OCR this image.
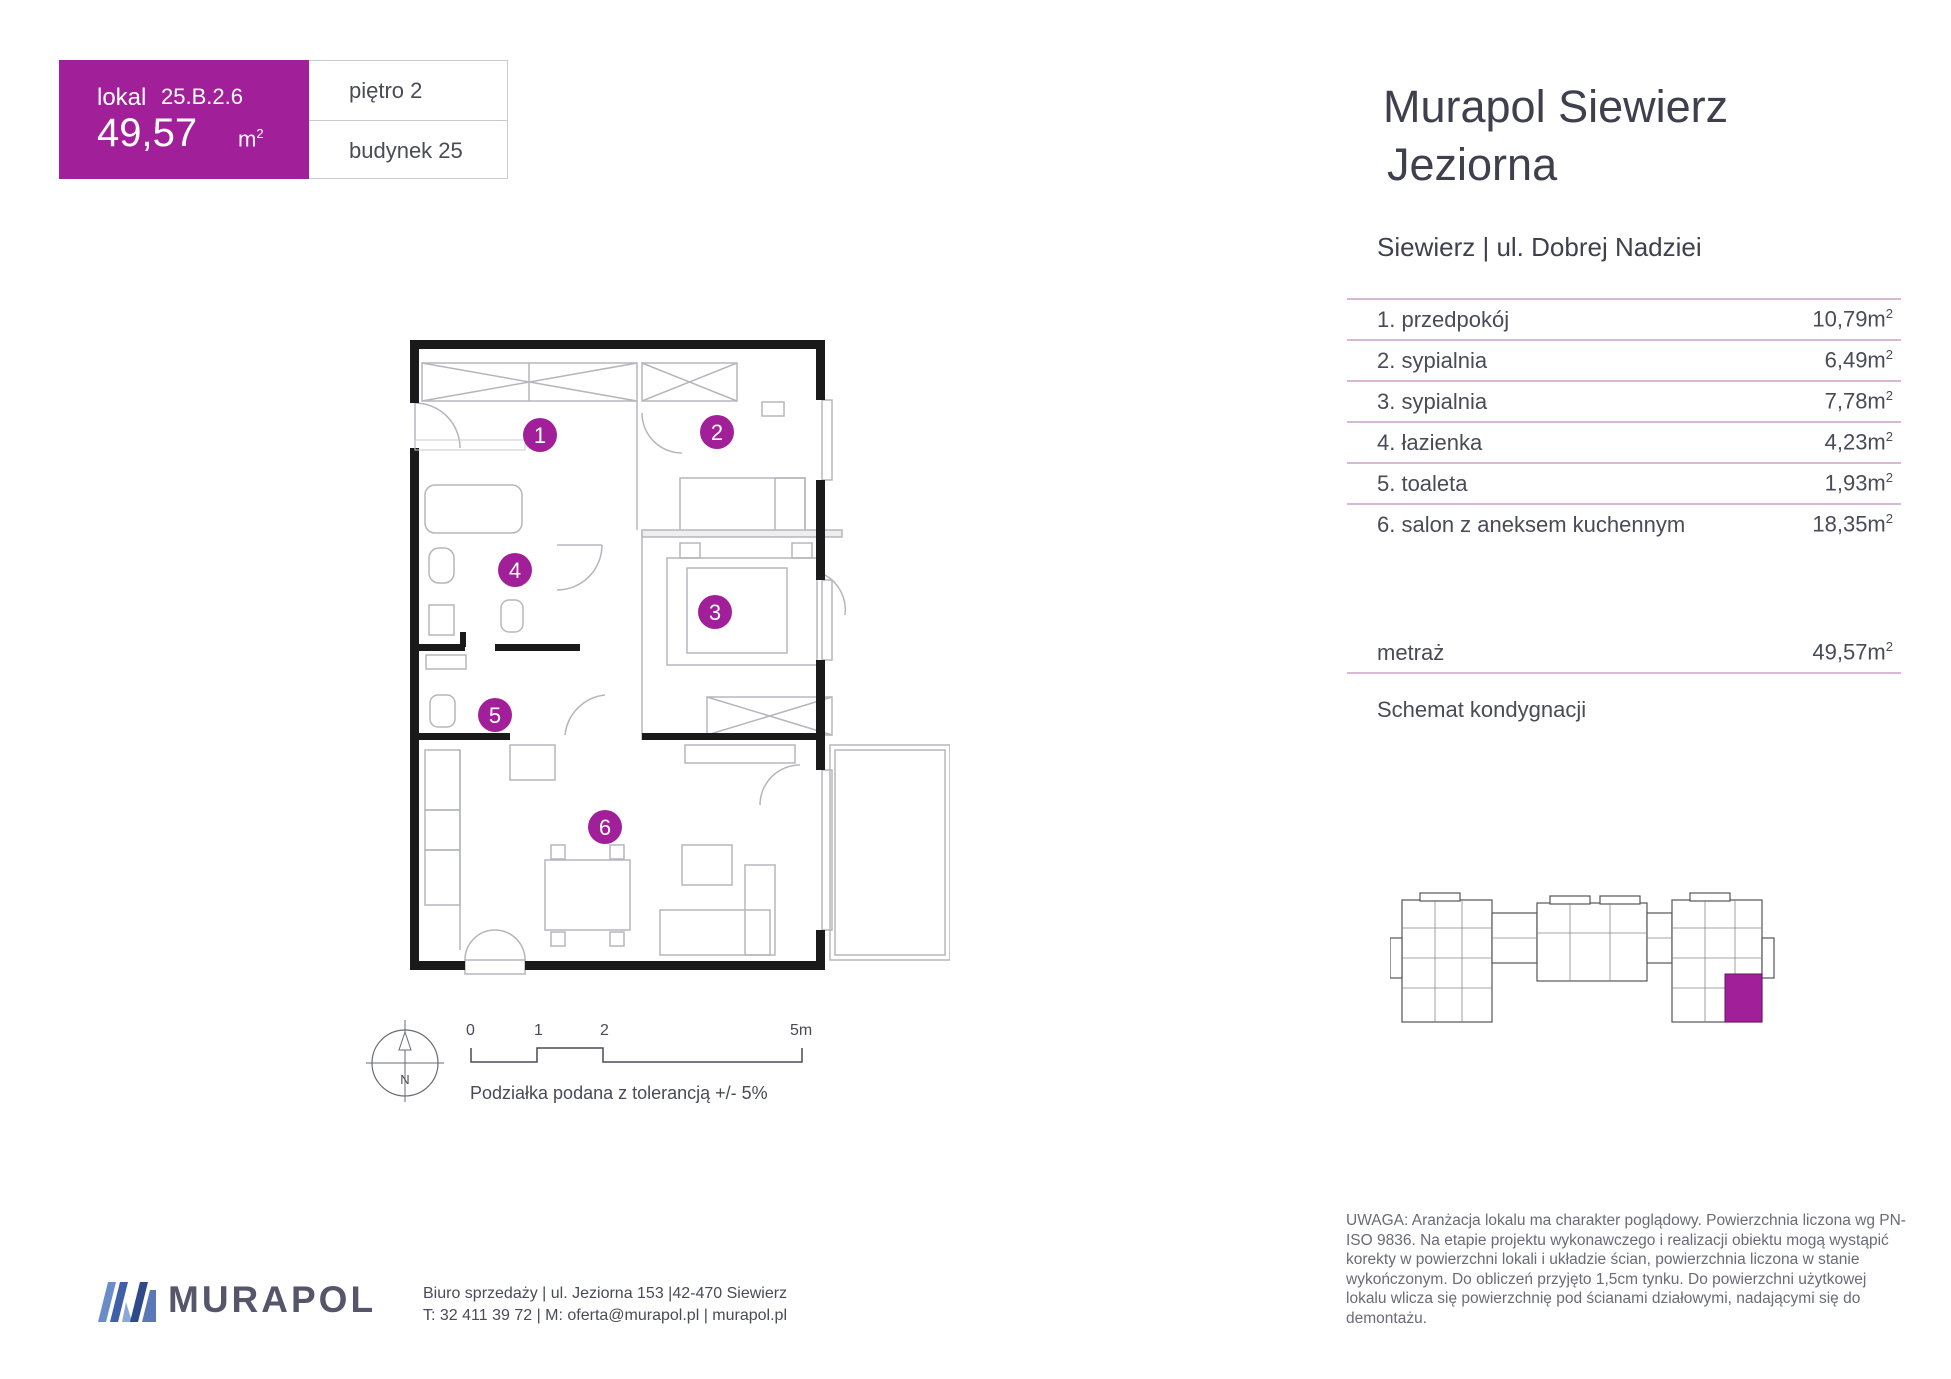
lokal 25.B.2.6
49,57 $m^2$
piętro 2
budynek 25
1	2
3
4
5
6
N
0	1	2	5m
Podziałka podana z tolerancją +/- 5%
Murapol Siewierz
Jeziorna
Siewierz | ul. Dobrej Nadziei
1. przedpokój	$10,79m^2$
2. sypialnia	$6,49m^2$
3. sypialnia	$7,78m^2$
4. łazienka	$4,23m^2$
5. toaleta	$1,93m^2$
6. salon z aneksem kuchennym	$18,35m^2$
metraż	$49,57m^2$
Schemat kondygnacji
MURAPOL	Biuro sprzedaży | ul. Jeziorna 153 |42-470 Siewierz
T: 32 411 39 72 | M: oferta@murapol.pl | murapol.pl
UWAGA: Aranżacja lokalu ma charakter poglądowy. Powierzchnia liczona wg PN-ISO 9836. Na etapie projektu wykonawczego i realizacji obiektu mogą wystąpić korekty w powierzchni lokali i układzie ścian, powierzchnia liczona w stanie wykończonym. Do obliczeń przyjęto 1,5cm tynku. Do powierzchni użytkowej lokalu wlicza się powierzchnię pod ścianami działowymi, nadającymi się do demontażu.
